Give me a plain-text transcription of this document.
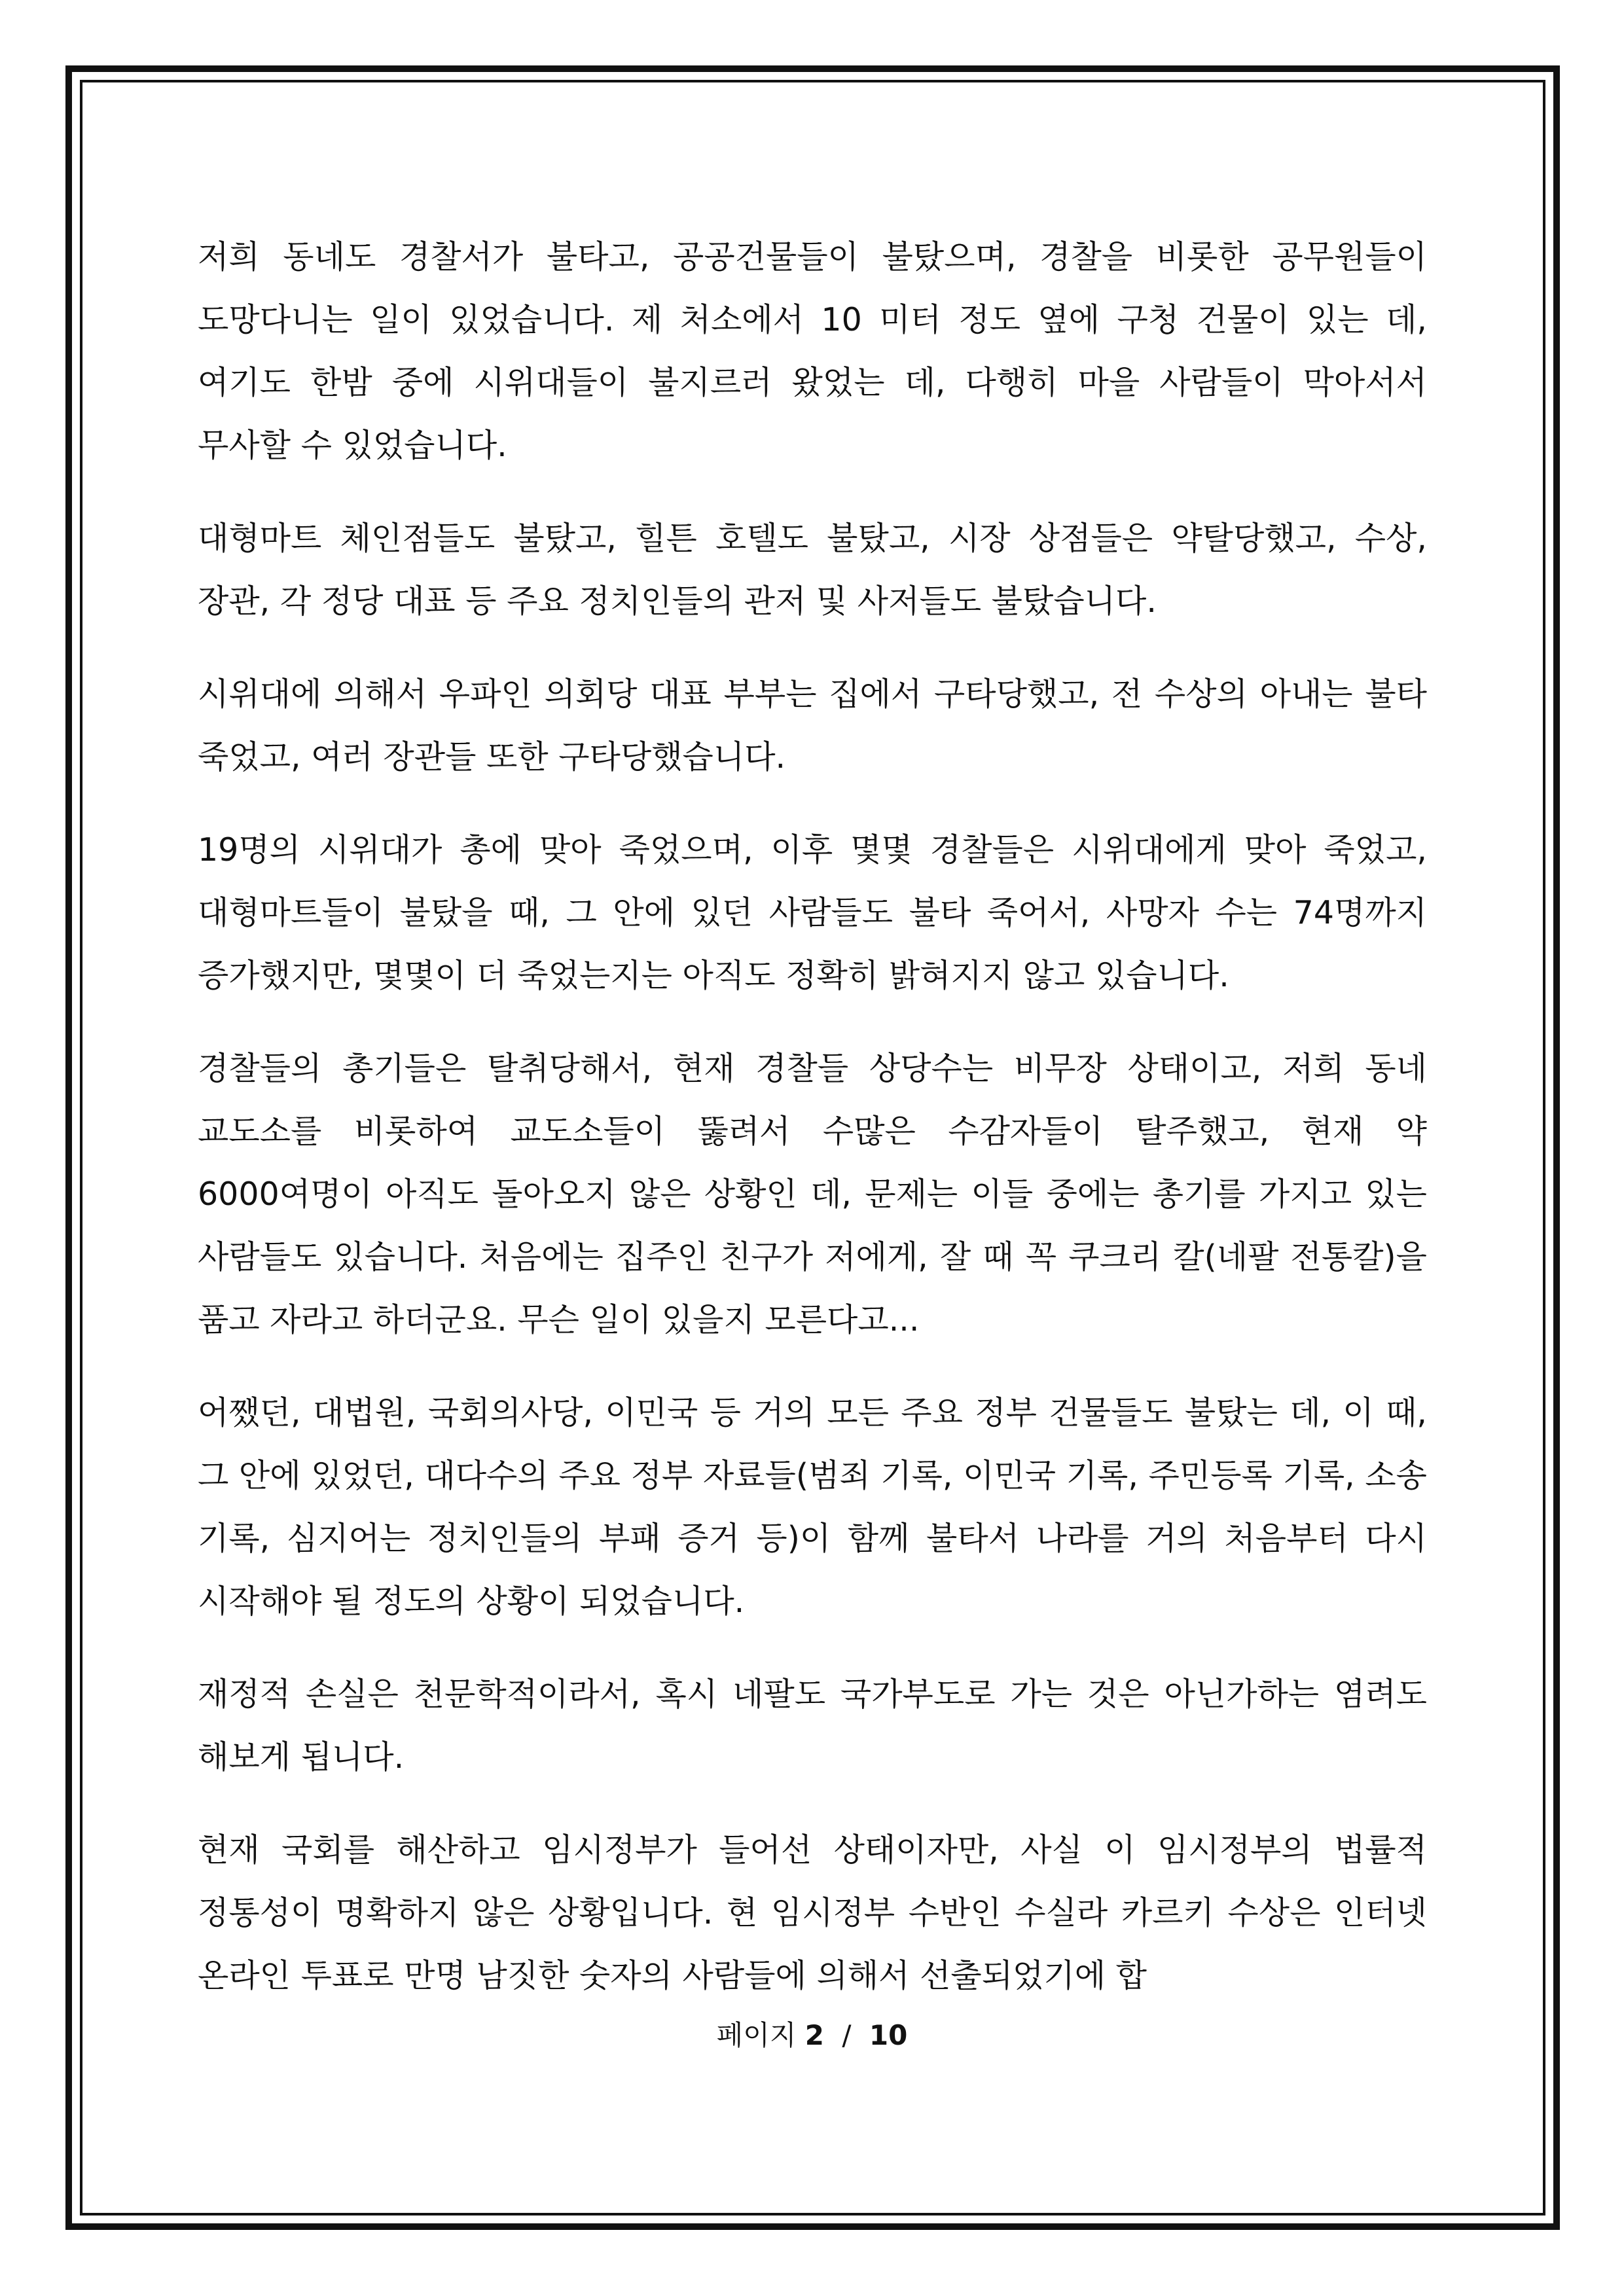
저희 동네도 경찰서가 불타고, 공공건물들이 불탔으며, 경찰을 비롯한 공무원들이 도망다니는 일이 있었습니다. 제 처소에서 10 미터 정도 옆에 구청 건물이 있는 데, 여기도 한밤 중에 시위대들이 불지르러 왔었는 데, 다행히 마을 사람들이 막아서서 무사할 수 있었습니다.

대형마트 체인점들도 불탔고, 힐튼 호텔도 불탔고, 시장 상점들은 약탈당했고, 수상, 장관, 각 정당 대표 등 주요 정치인들의 관저 및 사저들도 불탔습니다.

시위대에 의해서 우파인 의회당 대표 부부는 집에서 구타당했고, 전 수상의 아내는 불타 죽었고, 여러 장관들 또한 구타당했습니다.

19명의 시위대가 총에 맞아 죽었으며, 이후 몇몇 경찰들은 시위대에게 맞아 죽었고, 대형마트들이 불탔을 때, 그 안에 있던 사람들도 불타 죽어서, 사망자 수는 74명까지 증가했지만, 몇몇이 더 죽었는지는 아직도 정확히 밝혀지지 않고 있습니다.

경찰들의 총기들은 탈취당해서, 현재 경찰들 상당수는 비무장 상태이고, 저희 동네 교도소를 비롯하여 교도소들이 뚫려서 수많은 수감자들이 탈주했고, 현재 약 6000여명이 아직도 돌아오지 않은 상황인 데, 문제는 이들 중에는 총기를 가지고 있는 사람들도 있습니다. 처음에는 집주인 친구가 저에게, 잘 때 꼭 쿠크리 칼(네팔 전통칼)을 품고 자라고 하더군요. 무슨 일이 있을지 모른다고...

어쨌던, 대법원, 국회의사당, 이민국 등 거의 모든 주요 정부 건물들도 불탔는 데, 이 때, 그 안에 있었던, 대다수의 주요 정부 자료들(범죄 기록, 이민국 기록, 주민등록 기록, 소송 기록, 심지어는 정치인들의 부패 증거 등)이 함께 불타서 나라를 거의 처음부터 다시 시작해야 될 정도의 상황이 되었습니다.

재정적 손실은 천문학적이라서, 혹시 네팔도 국가부도로 가는 것은 아닌가하는 염려도 해보게 됩니다.

현재 국회를 해산하고 임시정부가 들어선 상태이자만, 사실 이 임시정부의 법률적 정통성이 명확하지 않은 상황입니다. 현 임시정부 수반인 수실라 카르키 수상은 인터넷 온라인 투표로 만명 남짓한 숫자의 사람들에 의해서 선출되었기에 합

페이지 2 / 10
